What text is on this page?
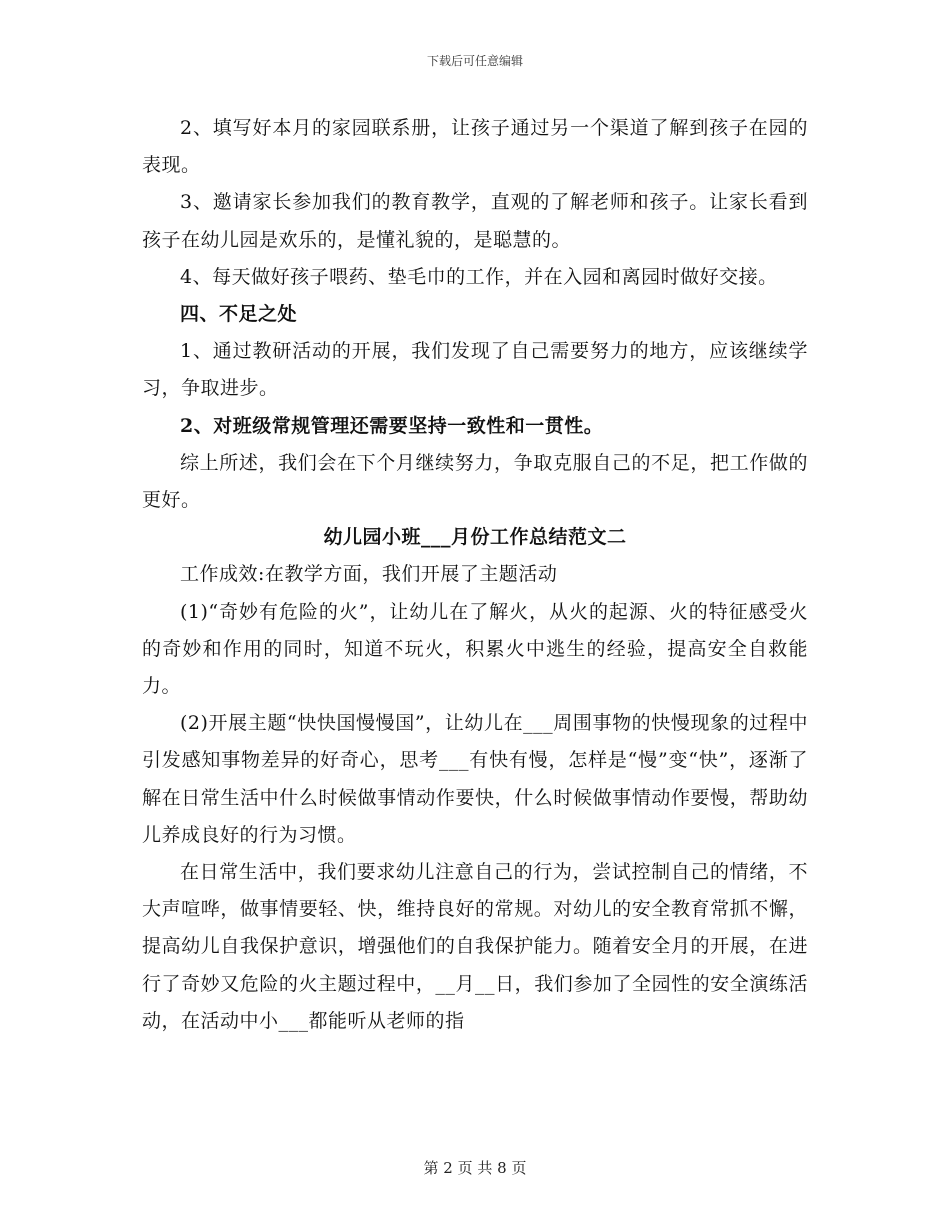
下载后可任意编辑

2、填写好本月的家园联系册，让孩子通过另一个渠道了解到孩子在园的表现。

3、邀请家长参加我们的教育教学，直观的了解老师和孩子。让家长看到孩子在幼儿园是欢乐的，是懂礼貌的，是聪慧的。

4、每天做好孩子喂药、垫毛巾的工作，并在入园和离园时做好交接。

四、不足之处

1、通过教研活动的开展，我们发现了自己需要努力的地方，应该继续学习，争取进步。

2、对班级常规管理还需要坚持一致性和一贯性。

综上所述，我们会在下个月继续努力，争取克服自己的不足，把工作做的更好。

幼儿园小班___月份工作总结范文二

工作成效:在教学方面，我们开展了主题活动

(1)“奇妙有危险的火”，让幼儿在了解火，从火的起源、火的特征感受火的奇妙和作用的同时，知道不玩火，积累火中逃生的经验，提高安全自救能力。

(2)开展主题“快快国慢慢国”，让幼儿在___周围事物的快慢现象的过程中引发感知事物差异的好奇心，思考___有快有慢，怎样是“慢”变“快”，逐渐了解在日常生活中什么时候做事情动作要快，什么时候做事情动作要慢，帮助幼儿养成良好的行为习惯。

在日常生活中，我们要求幼儿注意自己的行为，尝试控制自己的情绪，不大声喧哗，做事情要轻、快，维持良好的常规。对幼儿的安全教育常抓不懈，提高幼儿自我保护意识，增强他们的自我保护能力。随着安全月的开展，在进行了奇妙又危险的火主题过程中，__月__日，我们参加了全园性的安全演练活动，在活动中小___都能听从老师的指

第 2 页 共 8 页
